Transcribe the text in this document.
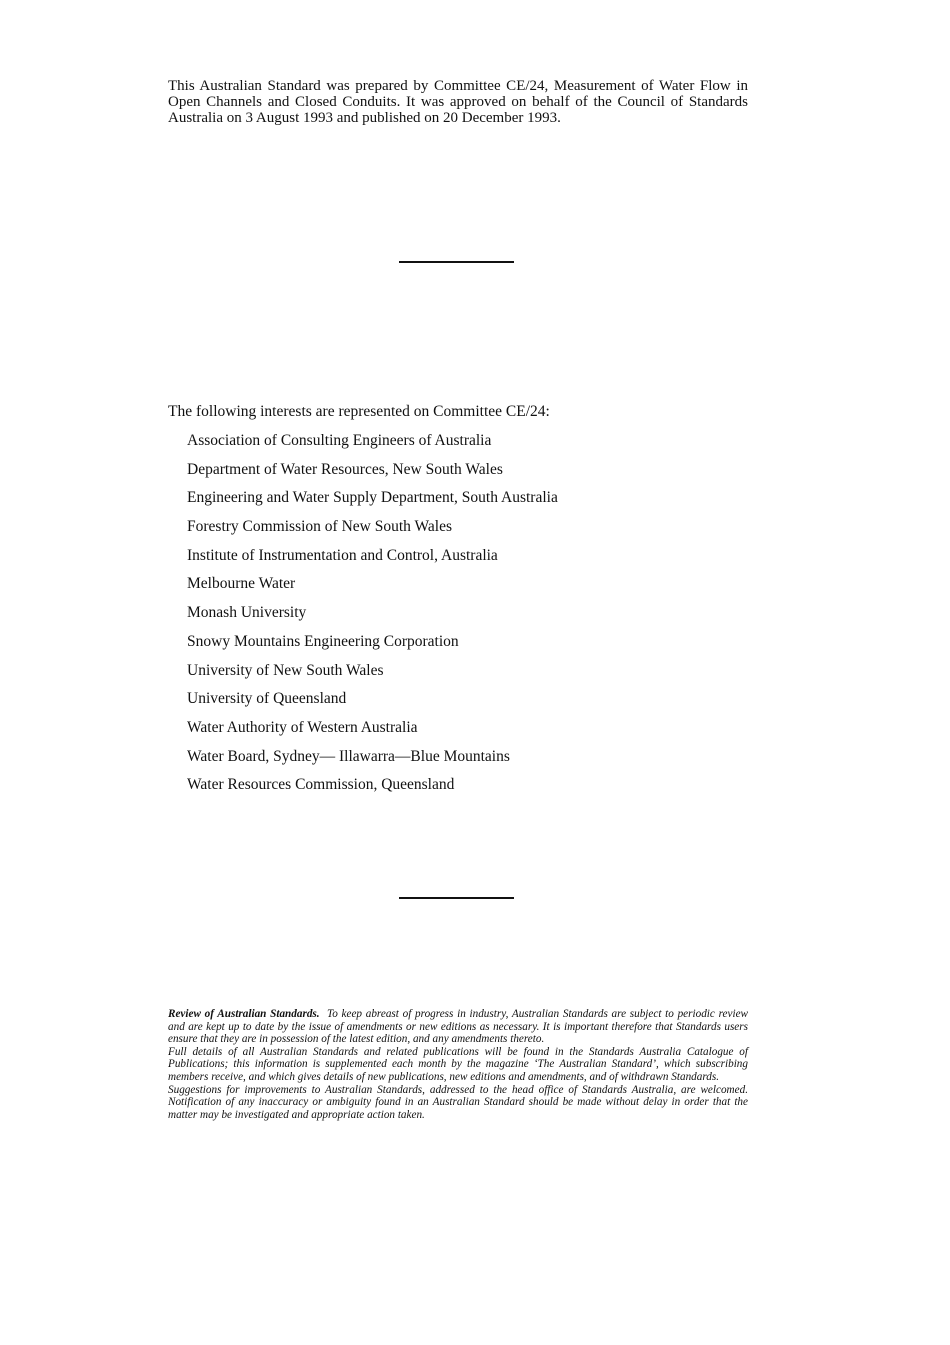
This Australian Standard was prepared by Committee CE/24, Measurement of Water Flow in Open Channels and Closed Conduits. It was approved on behalf of the Council of Standards Australia on 3 August 1993 and published on 20 December 1993.

The following interests are represented on Committee CE/24:

Association of Consulting Engineers of Australia
Department of Water Resources, New South Wales
Engineering and Water Supply Department, South Australia
Forestry Commission of New South Wales
Institute of Instrumentation and Control, Australia
Melbourne Water
Monash University
Snowy Mountains Engineering Corporation
University of New South Wales
University of Queensland
Water Authority of Western Australia
Water Board, Sydney— Illawarra—Blue Mountains
Water Resources Commission, Queensland

Review of Australian Standards. To keep abreast of progress in industry, Australian Standards are subject to periodic review and are kept up to date by the issue of amendments or new editions as necessary. It is important therefore that Standards users ensure that they are in possession of the latest edition, and any amendments thereto.

Full details of all Australian Standards and related publications will be found in the Standards Australia Catalogue of Publications; this information is supplemented each month by the magazine ‘The Australian Standard’, which subscribing members receive, and which gives details of new publications, new editions and amendments, and of withdrawn Standards.

Suggestions for improvements to Australian Standards, addressed to the head office of Standards Australia, are welcomed. Notification of any inaccuracy or ambiguity found in an Australian Standard should be made without delay in order that the matter may be investigated and appropriate action taken.
